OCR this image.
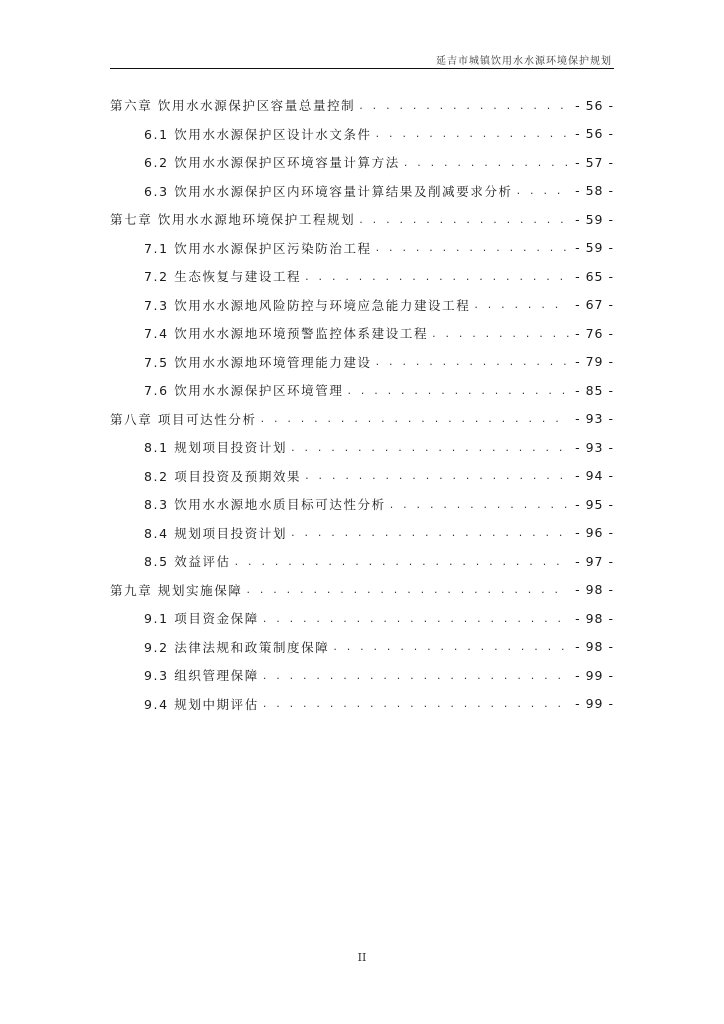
延吉市城镇饮用水水源环境保护规划
第六章 饮用水水源保护区容量总量控制 . . .	- 56 -
6.1 饮用水水源保护区设计水文条件 . . .	- 56 -
6.2 饮用水水源保护区环境容量计算方法 . . .	- 57 -
6.3 饮用水水源保护区内环境容量计算结果及削减要求分析 . . .	- 58 -
第七章 饮用水水源地环境保护工程规划 . . .	- 59 -
7.1 饮用水水源保护区污染防治工程 . . .	- 59 -
7.2 生态恢复与建设工程 . . .	- 65 -
7.3 饮用水水源地风险防控与环境应急能力建设工程 . . .	- 67 -
7.4 饮用水水源地环境预警监控体系建设工程 . . .	- 76 -
7.5 饮用水水源地环境管理能力建设 . . .	- 79 -
7.6 饮用水水源保护区环境管理 . . .	- 85 -
第八章 项目可达性分析 . . .	- 93 -
8.1 规划项目投资计划 . . .	- 93 -
8.2 项目投资及预期效果 . . .	- 94 -
8.3 饮用水水源地水质目标可达性分析 . . .	- 95 -
8.4 规划项目投资计划 . . .	- 96 -
8.5 效益评估 . . .	- 97 -
第九章 规划实施保障 . . .	- 98 -
9.1 项目资金保障 . . .	- 98 -
9.2 法律法规和政策制度保障 . . .	- 98 -
9.3 组织管理保障 . . .	- 99 -
9.4 规划中期评估 . . .	- 99 -
II
